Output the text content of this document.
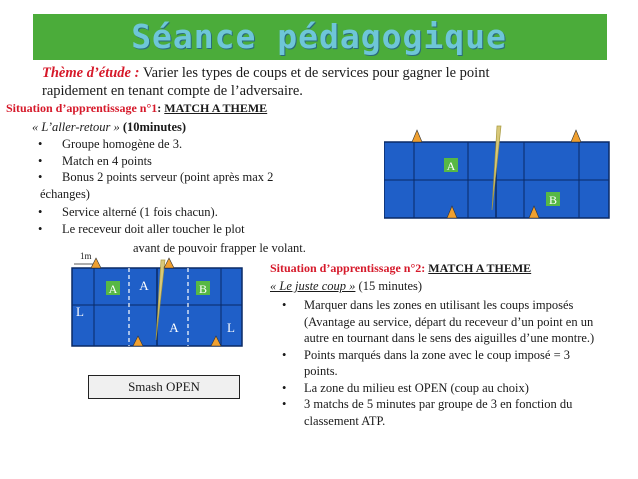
Séance pédagogique
Thème d’étude : Varier les types de coups et de services pour gagner le point
rapidement en tenant compte de l’adversaire.
Situation d’apprentissage n°1: MATCH A THEME
« L’aller-retour » (10minutes)
• Groupe homogène de 3.
• Match en 4 points
• Bonus 2 points serveur (point après max 2
échanges)
• Service alterné (1 fois chacun).
• Le receveur doit aller toucher le plot
avant de pouvoir frapper le volant.
A
B
1m
A A	B
L
A	L
Smash OPEN
Situation d’apprentissage n°2: MATCH A THEME
« Le juste coup » (15 minutes)
• Marquer dans les zones en utilisant les coups imposés (Avantage au service, départ du receveur d’un point en un autre en tournant dans le sens des aiguilles d’une montre.)
• Points marqués dans la zone avec le coup imposé = 3 points.
• La zone du milieu est OPEN (coup au choix)
• 3 matchs de 5 minutes par groupe de 3 en fonction du classement ATP.
